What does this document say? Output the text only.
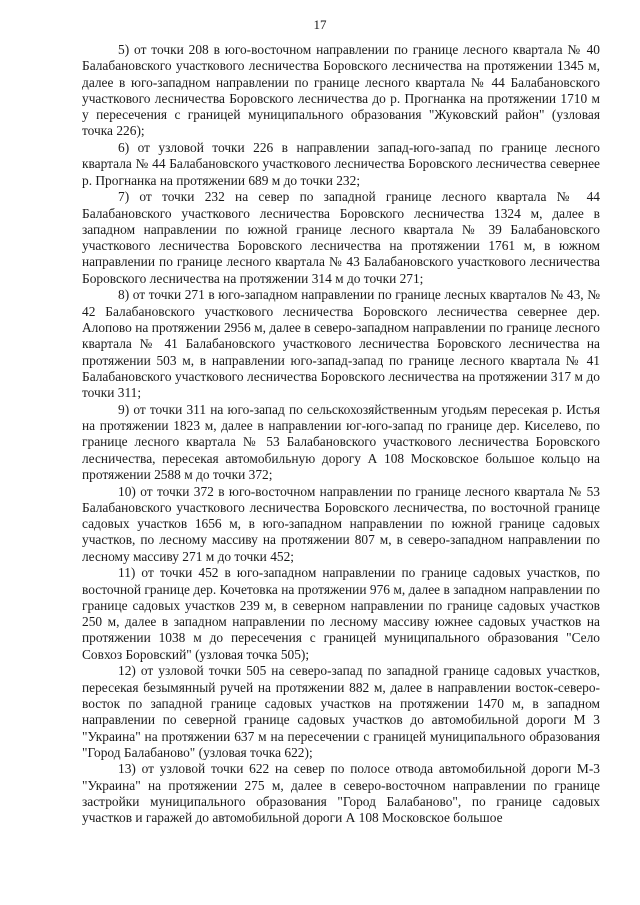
17

5) от точки 208 в юго-восточном направлении по границе лесного квартала № 40 Балабановского участкового лесничества Боровского лесничества на протяжении 1345 м, далее в юго-западном направлении по границе лесного квартала № 44 Балабановского участкового лесничества Боровского лесничества до р. Прогнанка на протяжении 1710 м у пересечения с границей муниципального образования "Жуковский район" (узловая точка 226);

6) от узловой точки 226 в направлении запад-юго-запад по границе лесного квартала № 44 Балабановского участкового лесничества Боровского лесничества севернее р. Прогнанка на протяжении 689 м до точки 232;

7) от точки 232 на север по западной границе лесного квартала № 44 Балабановского участкового лесничества Боровского лесничества 1324 м, далее в западном направлении по южной границе лесного квартала № 39 Балабановского участкового лесничества Боровского лесничества на протяжении 1761 м, в южном направлении по границе лесного квартала № 43 Балабановского участкового лесничества Боровского лесничества на протяжении 314 м до точки 271;

8) от точки 271 в юго-западном направлении по границе лесных кварталов № 43, № 42 Балабановского участкового лесничества Боровского лесничества севернее дер. Алопово на протяжении 2956 м, далее в северо-западном направлении по границе лесного квартала № 41 Балабановского участкового лесничества Боровского лесничества на протяжении 503 м, в направлении юго-запад-запад по границе лесного квартала № 41 Балабановского участкового лесничества Боровского лесничества на протяжении 317 м до точки 311;

9) от точки 311 на юго-запад по сельскохозяйственным угодьям пересекая р. Истья на протяжении 1823 м, далее в направлении юг-юго-запад по границе дер. Киселево, по границе лесного квартала № 53 Балабановского участкового лесничества Боровского лесничества, пересекая автомобильную дорогу А 108 Московское большое кольцо на протяжении 2588 м до точки 372;

10) от точки 372 в юго-восточном направлении по границе лесного квартала № 53 Балабановского участкового лесничества Боровского лесничества, по восточной границе садовых участков 1656 м, в юго-западном направлении по южной границе садовых участков, по лесному массиву на протяжении 807 м, в северо-западном направлении по лесному массиву 271 м до точки 452;

11) от точки 452 в юго-западном направлении по границе садовых участков, по восточной границе дер. Кочетовка на протяжении 976 м, далее в западном направлении по границе садовых участков 239 м, в северном направлении по границе садовых участков 250 м, далее в западном направлении по лесному массиву южнее садовых участков на протяжении 1038 м до пересечения с границей муниципального образования "Село Совхоз Боровский" (узловая точка 505);

12) от узловой точки 505 на северо-запад по западной границе садовых участков, пересекая безымянный ручей на протяжении 882 м, далее в направлении восток-северо-восток по западной границе садовых участков на протяжении 1470 м, в западном направлении по северной границе садовых участков до автомобильной дороги М 3 "Украина" на протяжении 637 м на пересечении с границей муниципального образования "Город Балабаново" (узловая точка 622);

13) от узловой точки 622 на север по полосе отвода автомобильной дороги М-3 "Украина" на протяжении 275 м, далее в северо-восточном направлении по границе застройки муниципального образования "Город Балабаново", по границе садовых участков и гаражей до автомобильной дороги А 108 Московское большое
